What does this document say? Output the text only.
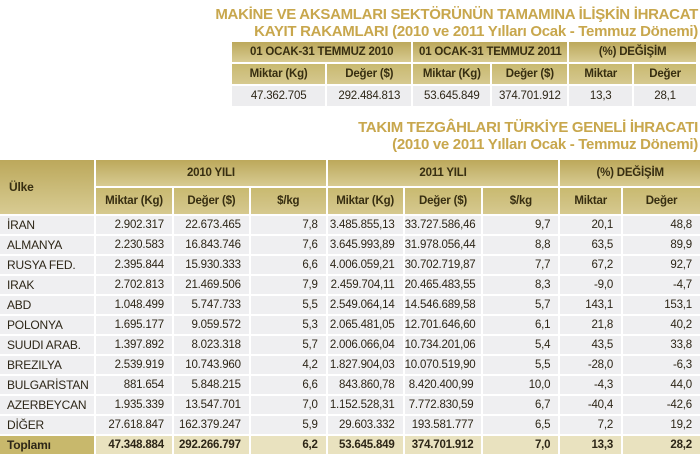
MAKİNE VE AKSAMLARI SEKTÖRÜNÜN TAMAMINA İLİŞKİN İHRACAT
KAYIT RAKAMLARI (2010 ve 2011 Yılları Ocak - Temmuz Dönemi)
01 OCAK-31 TEMMUZ 2010		01 OCAK-31 TEMMUZ 2011		(%) DEĞİŞİM	
Miktar (Kg)	Değer ($)	Miktar (Kg)	Değer ($)	Miktar	Değer
47.362.705	292.484.813	53.645.849	374.701.912	13,3	28,1
TAKIM TEZGÂHLARI TÜRKİYE GENELİ İHRACATI
(2010 ve 2011 Yılları Ocak - Temmuz Dönemi)
Ülke	2010 YILI			2011 YILI			(%) DEĞİŞİM	
	Miktar (Kg)	Değer ($)	$/kg	Miktar (Kg)	Değer ($)	$/kg	Miktar	Değer
İRAN	2.902.317	22.673.465	7,8	3.485.855,13	33.727.586,46	9,7	20,1	48,8
ALMANYA	2.230.583	16.843.746	7,6	3.645.993,89	31.978.056,44	8,8	63,5	89,9
RUSYA FED.	2.395.844	15.930.333	6,6	4.006.059,21	30.702.719,87	7,7	67,2	92,7
IRAK	2.702.813	21.469.506	7,9	2.459.704,11	20.465.483,55	8,3	-9,0	-4,7
ABD	1.048.499	5.747.733	5,5	2.549.064,14	14.546.689,58	5,7	143,1	153,1
POLONYA	1.695.177	9.059.572	5,3	2.065.481,05	12.701.646,60	6,1	21,8	40,2
SUUDI ARAB.	1.397.892	8.023.318	5,7	2.006.066,04	10.734.201,06	5,4	43,5	33,8
BREZILYA	2.539.919	10.743.960	4,2	1.827.904,03	10.070.519,90	5,5	-28,0	-6,3
BULGARİSTAN	881.654	5.848.215	6,6	843.860,78	8.420.400,99	10,0	-4,3	44,0
AZERBEYCAN	1.935.339	13.547.701	7,0	1.152.528,31	7.772.830,59	6,7	-40,4	-42,6
DİĞER	27.618.847	162.379.247	5,9	29.603.332	193.581.777	6,5	7,2	19,2
Toplamı	47.348.884	292.266.797	6,2	53.645.849	374.701.912	7,0	13,3	28,2
